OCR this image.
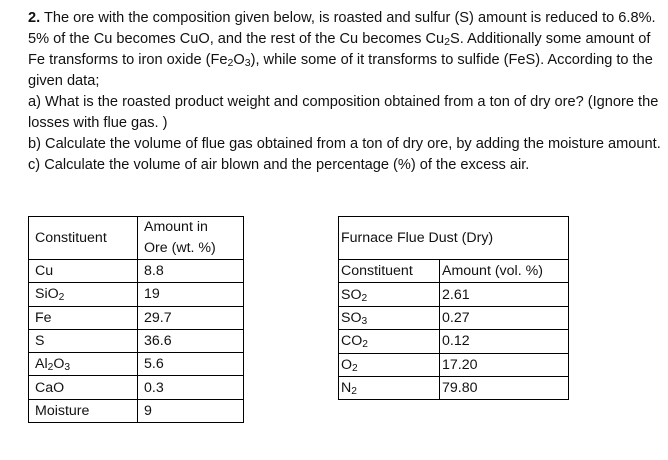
2. The ore with the composition given below, is roasted and sulfur (S) amount is reduced to 6.8%. 5% of the Cu becomes CuO, and the rest of the Cu becomes $Cu_2S$. Additionally some amount of Fe transforms to iron oxide $(Fe_2O_3)$, while some of it transforms to sulfide (FeS). According to the given data;

a) What is the roasted product weight and composition obtained from a ton of dry ore? (Ignore the losses with flue gas. )

b) Calculate the volume of flue gas obtained from a ton of dry ore, by adding the moisture amount.

c) Calculate the volume of air blown and the percentage (%) of the excess air.

Constituent	Amount in
Ore (wt. %)
Cu	8.8
SiO$_2$	19
Fe	29.7
S	36.6
$Al_2O_3$	5.6
CaO	0.3
Moisture	9
Furnace Flue Dust (Dry)	
Constituent	Amount (vol. %)
$SO_2$	2.61
$SO_3$	0.27
$CO_2$	0.12
$O_2$	17.20
$N_2$	79.80
